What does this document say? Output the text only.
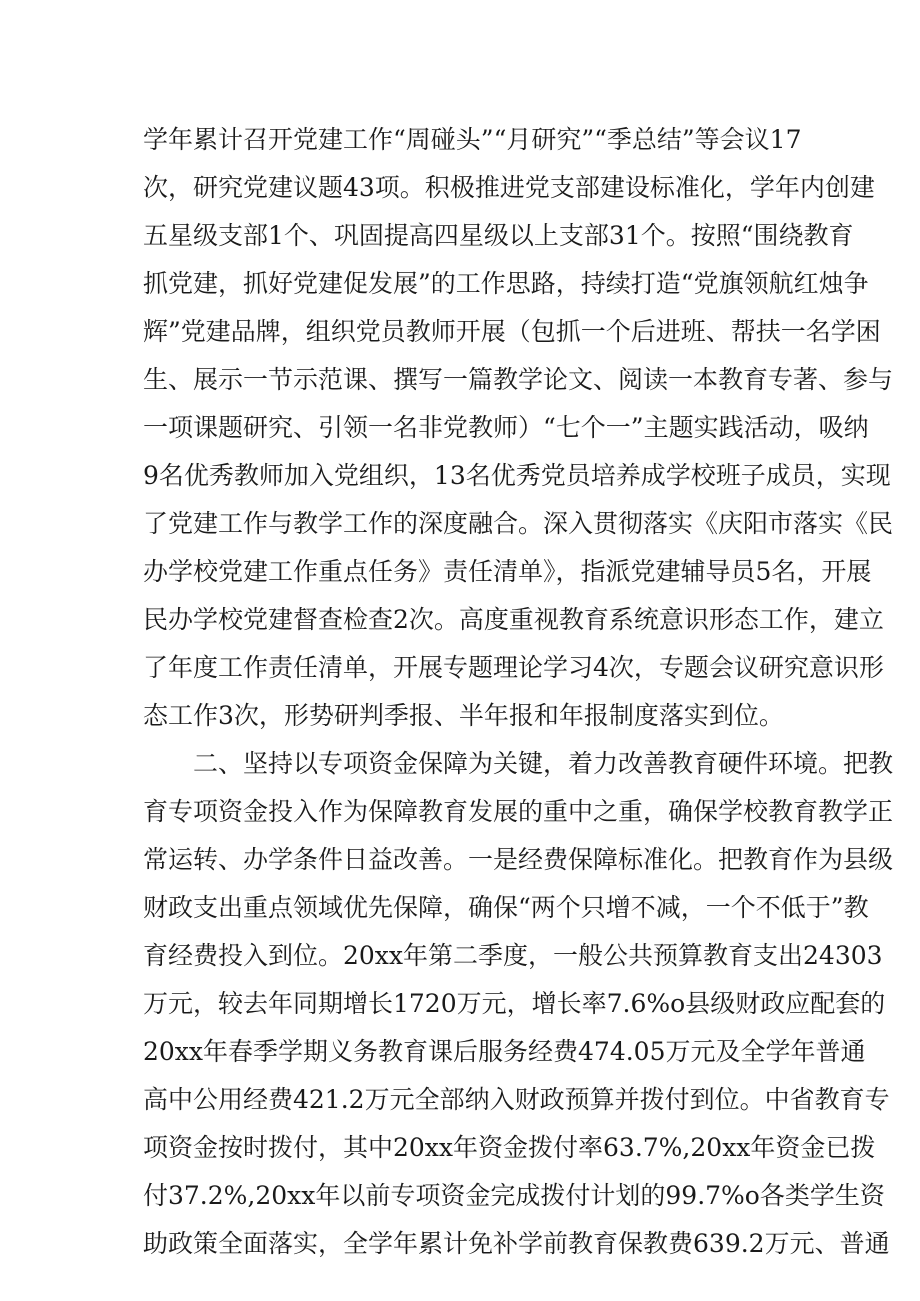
学年累计召开党建工作“周碰头”“月研究”“季总结”等会议17
次，研究党建议题43项。积极推进党支部建设标准化，学年内创建
五星级支部1个、巩固提高四星级以上支部31个。按照“围绕教育
抓党建，抓好党建促发展”的工作思路，持续打造“党旗领航红烛争
辉”党建品牌，组织党员教师开展（包抓一个后进班、帮扶一名学困
生、展示一节示范课、撰写一篇教学论文、阅读一本教育专著、参与
一项课题研究、引领一名非党教师）“七个一”主题实践活动，吸纳
9名优秀教师加入党组织，13名优秀党员培养成学校班子成员，实现
了党建工作与教学工作的深度融合。深入贯彻落实《庆阳市落实《民
办学校党建工作重点任务》责任清单》，指派党建辅导员5名，开展
民办学校党建督查检查2次。高度重视教育系统意识形态工作，建立
了年度工作责任清单，开展专题理论学习4次，专题会议研究意识形
态工作3次，形势研判季报、半年报和年报制度落实到位。
二、坚持以专项资金保障为关键，着力改善教育硬件环境。把教
育专项资金投入作为保障教育发展的重中之重，确保学校教育教学正
常运转、办学条件日益改善。一是经费保障标准化。把教育作为县级
财政支出重点领域优先保障，确保“两个只增不减，一个不低于”教
育经费投入到位。20xx年第二季度，一般公共预算教育支出24303
万元，较去年同期增长1720万元，增长率7.6%o县级财政应配套的
20xx年春季学期义务教育课后服务经费474.05万元及全学年普通
高中公用经费421.2万元全部纳入财政预算并拨付到位。中省教育专
项资金按时拨付，其中20xx年资金拨付率63.7%,20xx年资金已拨
付37.2%,20xx年以前专项资金完成拨付计划的99.7%o各类学生资
助政策全面落实，全学年累计免补学前教育保教费639.2万元、普通
